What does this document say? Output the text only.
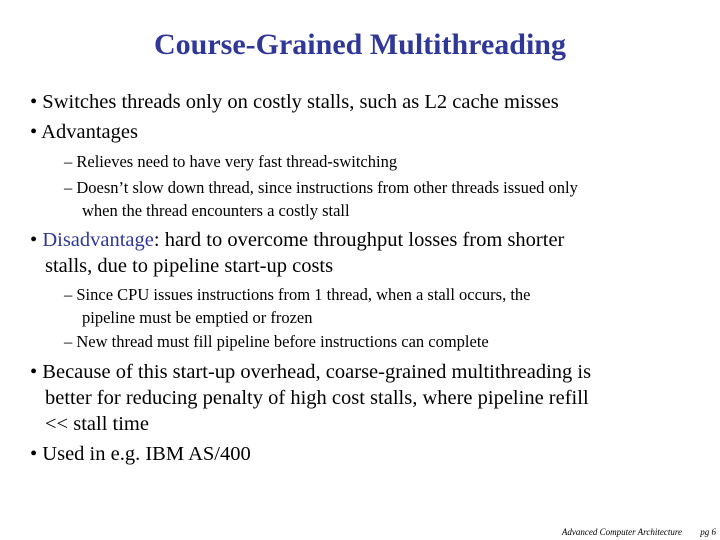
Course-Grained Multithreading
• Switches threads only on costly stalls, such as L2 cache misses
• Advantages
– Relieves need to have very fast thread-switching
– Doesn’t slow down thread, since instructions from other threads issued only
when the thread encounters a costly stall
• Disadvantage: hard to overcome throughput losses from shorter
stalls, due to pipeline start-up costs
– Since CPU issues instructions from 1 thread, when a stall occurs, the
pipeline must be emptied or frozen
– New thread must fill pipeline before instructions can complete
• Because of this start-up overhead, coarse-grained multithreading is
better for reducing penalty of high cost stalls, where pipeline refill
<< stall time
• Used in e.g. IBM AS/400
Advanced Computer Architecture pg 6
